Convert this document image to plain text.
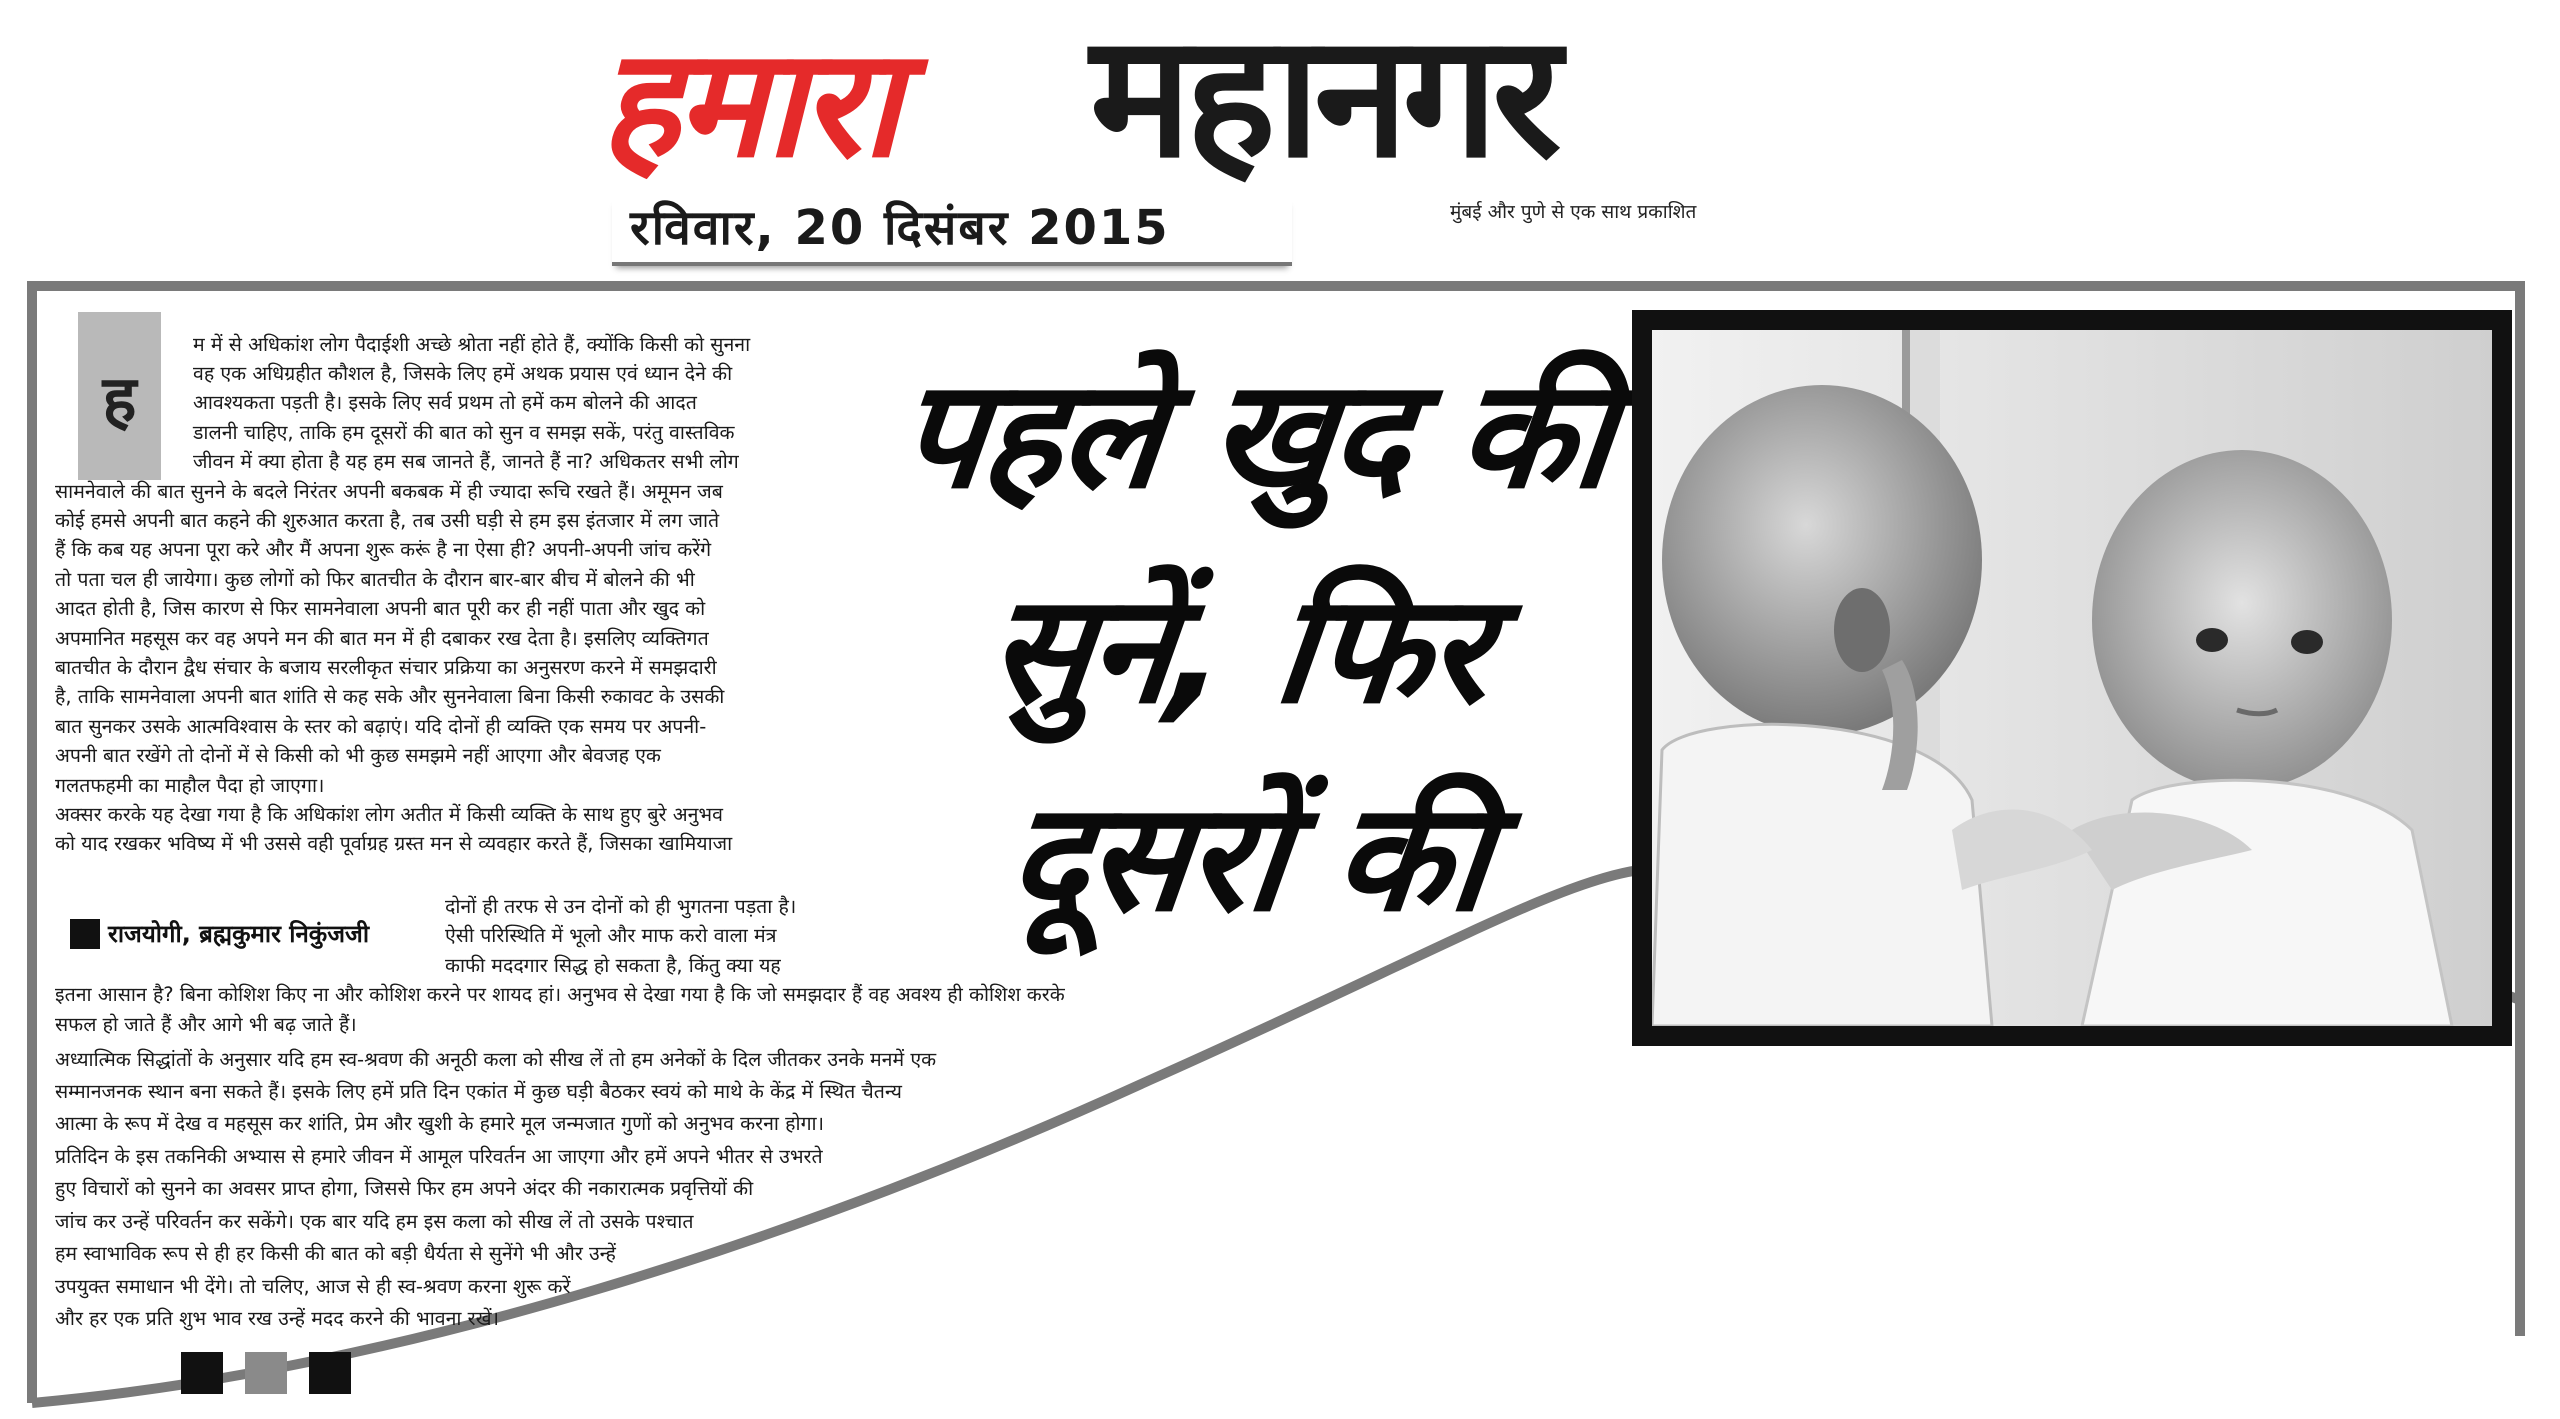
हमारा महानगर
रविवार, 20 दिसंबर 2015	मुंबई और पुणे से एक साथ प्रकाशित
ह
म में से अधिकांश लोग पैदाईशी अच्छे श्रोता नहीं होते हैं, क्योंकि किसी को सुनना
वह एक अधिग्रहीत कौशल है, जिसके लिए हमें अथक प्रयास एवं ध्यान देने की
आवश्यकता पड़ती है। इसके लिए सर्व प्रथम तो हमें कम बोलने की आदत
डालनी चाहिए, ताकि हम दूसरों की बात को सुन व समझ सकें, परंतु वास्तविक
जीवन में क्या होता है यह हम सब जानते हैं, जानते हैं ना? अधिकतर सभी लोग
सामनेवाले की बात सुनने के बदले निरंतर अपनी बकबक में ही ज्यादा रूचि रखते हैं। अमूमन जब
कोई हमसे अपनी बात कहने की शुरुआत करता है, तब उसी घड़ी से हम इस इंतजार में लग जाते
हैं कि कब यह अपना पूरा करे और मैं अपना शुरू करूं है ना ऐसा ही? अपनी-अपनी जांच करेंगे
तो पता चल ही जायेगा। कुछ लोगों को फिर बातचीत के दौरान बार-बार बीच में बोलने की भी
आदत होती है, जिस कारण से फिर सामनेवाला अपनी बात पूरी कर ही नहीं पाता और खुद को
अपमानित महसूस कर वह अपने मन की बात मन में ही दबाकर रख देता है। इसलिए व्यक्तिगत
बातचीत के दौरान द्वैध संचार के बजाय सरलीकृत संचार प्रक्रिया का अनुसरण करने में समझदारी
है, ताकि सामनेवाला अपनी बात शांति से कह सके और सुननेवाला बिना किसी रुकावट के उसकी
बात सुनकर उसके आत्मविश्वास के स्तर को बढ़ाएं। यदि दोनों ही व्यक्ति एक समय पर अपनी-
अपनी बात रखेंगे तो दोनों में से किसी को भी कुछ समझमे नहीं आएगा और बेवजह एक
गलतफहमी का माहौल पैदा हो जाएगा।
अक्सर करके यह देखा गया है कि अधिकांश लोग अतीत में किसी व्यक्ति के साथ हुए बुरे अनुभव
को याद रखकर भविष्य में भी उससे वही पूर्वाग्रह ग्रस्त मन से व्यवहार करते हैं, जिसका खामियाजा
दोनों ही तरफ से उन दोनों को ही भुगतना पड़ता है।
ऐसी परिस्थिति में भूलो और माफ करो वाला मंत्र
काफी मददगार सिद्ध हो सकता है, किंतु क्या यह
इतना आसान है? बिना कोशिश किए ना और कोशिश करने पर शायद हां। अनुभव से देखा गया है कि जो समझदार हैं वह अवश्य ही कोशिश करके
सफल हो जाते हैं और आगे भी बढ़ जाते हैं।
अध्यात्मिक सिद्धांतों के अनुसार यदि हम स्व-श्रवण की अनूठी कला को सीख लें तो हम अनेकों के दिल जीतकर उनके मनमें एक
सम्मानजनक स्थान बना सकते हैं। इसके लिए हमें प्रति दिन एकांत में कुछ घड़ी बैठकर स्वयं को माथे के केंद्र में स्थित चैतन्य
आत्मा के रूप में देख व महसूस कर शांति, प्रेम और खुशी के हमारे मूल जन्मजात गुणों को अनुभव करना होगा।
प्रतिदिन के इस तकनिकी अभ्यास से हमारे जीवन में आमूल परिवर्तन आ जाएगा और हमें अपने भीतर से उभरते
हुए विचारों को सुनने का अवसर प्राप्त होगा, जिससे फिर हम अपने अंदर की नकारात्मक प्रवृत्तियों की
जांच कर उन्हें परिवर्तन कर सकेंगे। एक बार यदि हम इस कला को सीख लें तो उसके पश्चात
हम स्वाभाविक रूप से ही हर किसी की बात को बड़ी धैर्यता से सुनेंगे भी और उन्हें
उपयुक्त समाधान भी देंगे। तो चलिए, आज से ही स्व-श्रवण करना शुरू करें
और हर एक प्रति शुभ भाव रख उन्हें मदद करने की भावना रखें।
राजयोगी, ब्रह्मकुमार निकुंजजी
पहले खुद की
सुनें, फिर
दूसरों की
